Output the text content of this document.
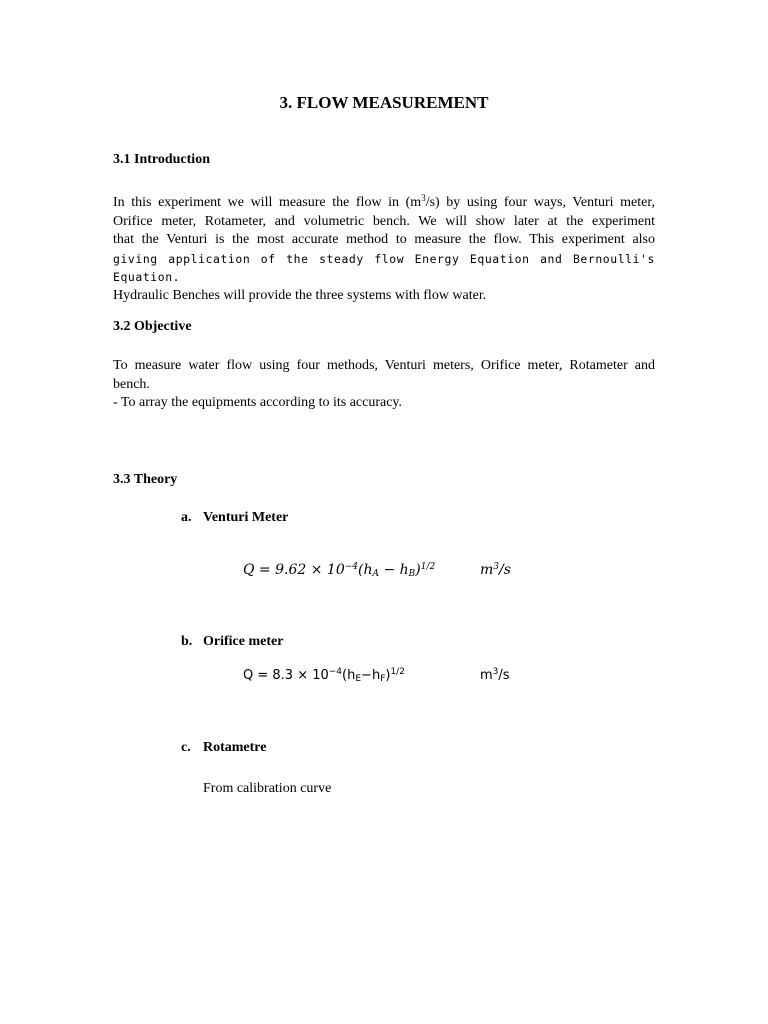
3. FLOW MEASUREMENT
3.1 Introduction
In this experiment we will measure the flow in $(m^3/s)$ by using four ways, Venturi meter,
Orifice meter, Rotameter, and volumetric bench. We will show later at the experiment
that the Venturi is the most accurate method to measure the flow. This experiment also
giving application of the steady flow Energy Equation and Bernoulli's Equation.
Hydraulic Benches will provide the three systems with flow water.
3.2 Objective
To measure water flow using four methods, Venturi meters, Orifice meter, Rotameter and
bench.
- To array the equipments according to its accuracy.
3.3 Theory

a. Venturi Meter

$Q = 9.62 \times 10^{-4}(h_A - h_B)^{1/2}$	$m^3/s$

b. Orifice meter

$Q = 8.3 \times 10^{-4}(h_E-h_F)^{1/2}$	$m^3/s$

c. Rotametre

From calibration curve
